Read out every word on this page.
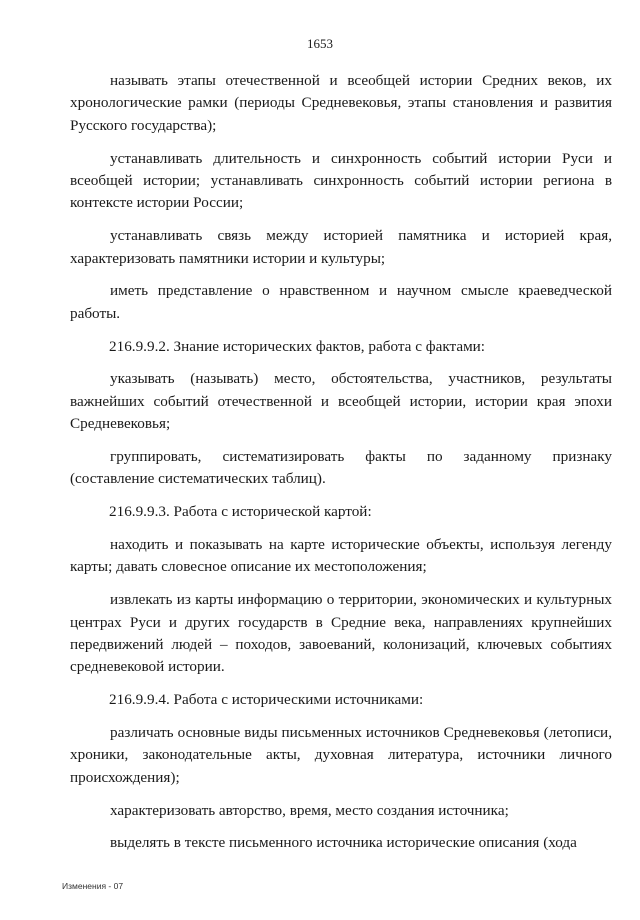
1653

называть этапы отечественной и всеобщей истории Средних веков, их хронологические рамки (периоды Средневековья, этапы становления и развития Русского государства);

устанавливать длительность и синхронность событий истории Руси и всеобщей истории; устанавливать синхронность событий истории региона в контексте истории России;

устанавливать связь между историей памятника и историей края, характеризовать памятники истории и культуры;

иметь представление о нравственном и научном смысле краеведческой работы.

216.9.9.2. Знание исторических фактов, работа с фактами:

указывать (называть) место, обстоятельства, участников, результаты важнейших событий отечественной и всеобщей истории, истории края эпохи Средневековья;

группировать, систематизировать факты по заданному признаку (составление систематических таблиц).

216.9.9.3. Работа с исторической картой:

находить и показывать на карте исторические объекты, используя легенду карты; давать словесное описание их местоположения;

извлекать из карты информацию о территории, экономических и культурных центрах Руси и других государств в Средние века, направлениях крупнейших передвижений людей – походов, завоеваний, колонизаций, ключевых событиях средневековой истории.

216.9.9.4. Работа с историческими источниками:

различать основные виды письменных источников Средневековья (летописи, хроники, законодательные акты, духовная литература, источники личного происхождения);

характеризовать авторство, время, место создания источника;

выделять в тексте письменного источника исторические описания (хода

Изменения - 07
